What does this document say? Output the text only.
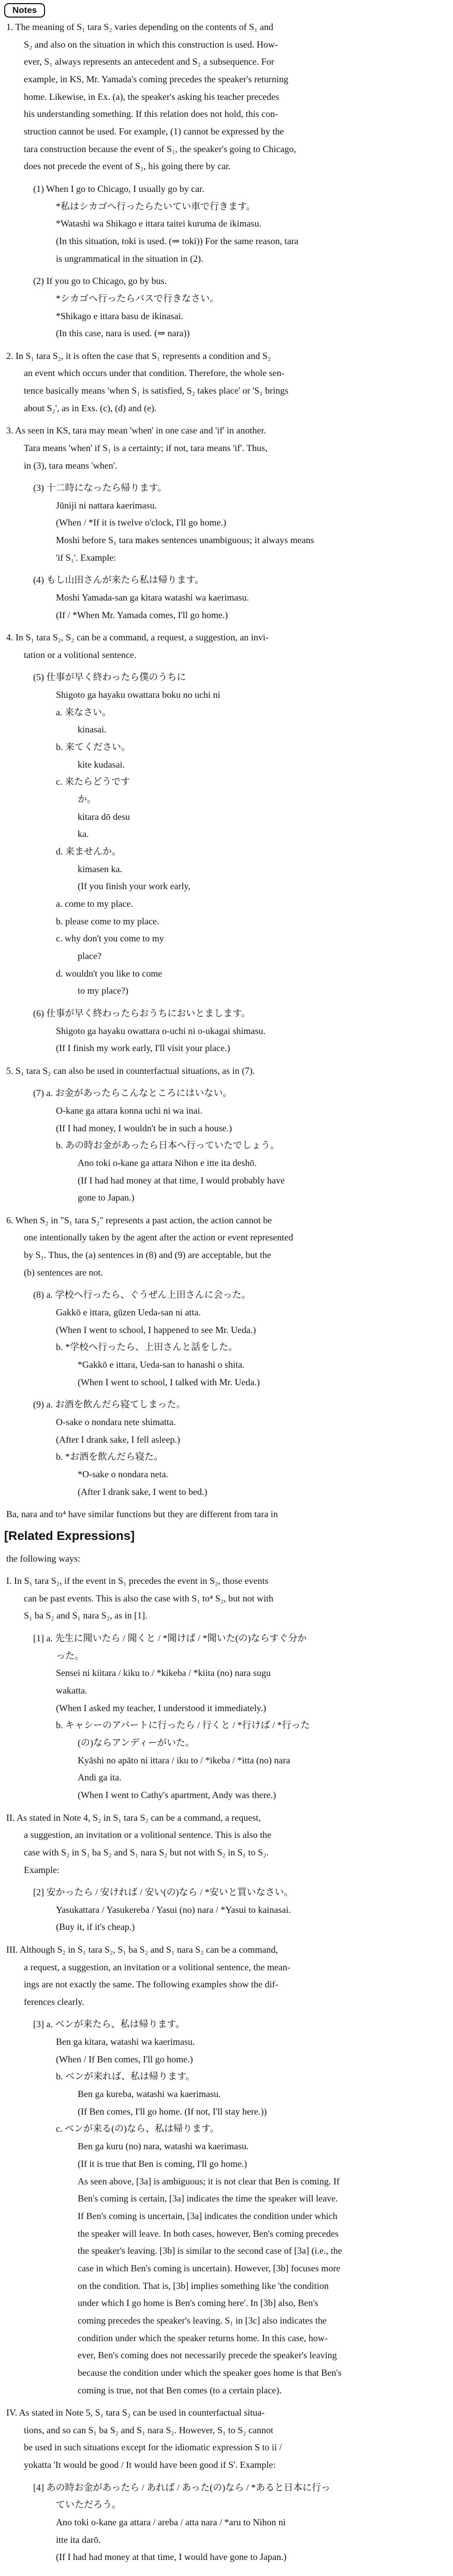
Notes
1. The meaning of S₁ tara S₂ varies depending on the contents of S₁ and
S₂ and also on the situation in which this construction is used. How-
ever, S₁ always represents an antecedent and S₂ a subsequence. For
example, in KS, Mr. Yamada's coming precedes the speaker's returning
home. Likewise, in Ex. (a), the speaker's asking his teacher precedes
his understanding something. If this relation does not hold, this con-
struction cannot be used. For example, (1) cannot be expressed by the
tara construction because the event of S₁, the speaker's going to Chicago,
does not precede the event of S₂, his going there by car.
(1) When I go to Chicago, I usually go by car.
*私はシカゴへ行ったらたいてい車で行きます。
*Watashi wa Shikago e ittara taitei kuruma de ikimasu.
(In this situation, toki is used. (⇒ toki)) For the same reason, tara
is ungrammatical in the situation in (2).
(2) If you go to Chicago, go by bus.
*シカゴへ行ったらバスで行きなさい。
*Shikago e ittara basu de ikinasai.
(In this case, nara is used. (⇒ nara))
2. In S₁ tara S₂, it is often the case that S₁ represents a condition and S₂
an event which occurs under that condition. Therefore, the whole sen-
tence basically means 'when S₁ is satisfied, S₂ takes place' or 'S₁ brings
about S₂', as in Exs. (c), (d) and (e).
3. As seen in KS, tara may mean 'when' in one case and 'if' in another.
Tara means 'when' if S₁ is a certainty; if not, tara means 'if'. Thus,
in (3), tara means 'when'.
(3) 十二時になったら帰ります。
Jūniji ni nattara kaerimasu.
(When / *If it is twelve o'clock, I'll go home.)
Moshi before S₁ tara makes sentences unambiguous; it always means
'if S₁'. Example:
(4) もし山田さんが来たら私は帰ります。
Moshi Yamada-san ga kitara watashi wa kaerimasu.
(If / *When Mr. Yamada comes, I'll go home.)
4. In S₁ tara S₂, S₂ can be a command, a request, a suggestion, an invi-
tation or a volitional sentence.
(5) 仕事が早く終わったら僕のうちに
Shigoto ga hayaku owattara boku no uchi ni
a. 来なさい。
kinasai.
b. 来てください。
kite kudasai.
c. 来たらどうです
か。
kitara dō desu
ka.
d. 来ませんか。
kimasen ka.
(If you finish your work early,
a. come to my place.
b. please come to my place.
c. why don't you come to my
place?
d. wouldn't you like to come
to my place?)
(6) 仕事が早く終わったらおうちにおいとまします。
Shigoto ga hayaku owattara o-uchi ni o-ukagai shimasu.
(If I finish my work early, I'll visit your place.)
5. S₁ tara S₂ can also be used in counterfactual situations, as in (7).
(7) a. お金があったらこんなところにはいない。
O-kane ga attara konna uchi ni wa inai.
(If I had money, I wouldn't be in such a house.)
b. あの時お金があったら日本へ行っていたでしょう。
Ano toki o-kane ga attara Nihon e itte ita deshō.
(If I had had money at that time, I would probably have
gone to Japan.)
6. When S₂ in "S₁ tara S₂" represents a past action, the action cannot be
one intentionally taken by the agent after the action or event represented
by S₁. Thus, the (a) sentences in (8) and (9) are acceptable, but the
(b) sentences are not.
(8) a. 学校へ行ったら、ぐうぜん上田さんに会った。
Gakkō e ittara, gūzen Ueda-san ni atta.
(When I went to school, I happened to see Mr. Ueda.)
b. *学校へ行ったら、上田さんと話をした。
*Gakkō e ittara, Ueda-san to hanashi o shita.
(When I went to school, I talked with Mr. Ueda.)
(9) a. お酒を飲んだら寝てしまった。
O-sake o nondara nete shimatta.
(After I drank sake, I fell asleep.)
b. *お酒を飲んだら寝た。
*O-sake o nondara neta.
(After I drank sake, I went to bed.)
Ba, nara and to⁴ have similar functions but they are different from tara in
the following ways:
I. In S₁ tara S₂, if the event in S₁ precedes the event in S₂, those events
can be past events. This is also the case with S₁ to⁴ S₂, but not with
S₁ ba S₂ and S₁ nara S₂, as in [1].
[1] a. 先生に聞いたら / 聞くと / *聞けば / *聞いた(の)ならすぐ分か
った。
Sensei ni kiitara / kiku to / *kikeba / *kiita (no) nara sugu
wakatta.
(When I asked my teacher, I understood it immediately.)
b. キャシーのアパートに行ったら / 行くと / *行けば / *行った
(の)ならアンディーがいた。
Kyāshi no apāto ni ittara / iku to / *ikeba / *itta (no) nara
Andi ga ita.
(When I went to Cathy's apartment, Andy was there.)
II. As stated in Note 4, S₂ in S₁ tara S₂ can be a command, a request,
a suggestion, an invitation or a volitional sentence. This is also the
case with S₂ in S₁ ba S₂ and S₁ nara S₂ but not with S₂ in S₁ to S₂.
Example:
[2] 安かったら / 安ければ / 安い(の)なら / *安いと買いなさい。
Yasukattara / Yasukereba / Yasui (no) nara / *Yasui to kainasai.
(Buy it, if it's cheap.)
III. Although S₂ in S₁ tara S₂, S₁ ba S₂ and S₁ nara S₂ can be a command,
a request, a suggestion, an invitation or a volitional sentence, the mean-
ings are not exactly the same. The following examples show the dif-
ferences clearly.
[3] a. ベンが来たら、私は帰ります。
Ben ga kitara, watashi wa kaerimasu.
(When / If Ben comes, I'll go home.)
b. ベンが来れば、私は帰ります。
Ben ga kureba, watashi wa kaerimasu.
(If Ben comes, I'll go home. (If not, I'll stay here.))
c. ベンが来る(の)なら、私は帰ります。
Ben ga kuru (no) nara, watashi wa kaerimasu.
(If it is true that Ben is coming, I'll go home.)
As seen above, [3a] is ambiguous; it is not clear that Ben is coming. If
Ben's coming is certain, [3a] indicates the time the speaker will leave.
If Ben's coming is uncertain, [3a] indicates the condition under which
the speaker will leave. In both cases, however, Ben's coming precedes
the speaker's leaving. [3b] is similar to the second case of [3a] (i.e., the
case in which Ben's coming is uncertain). However, [3b] focuses more
on the condition. That is, [3b] implies something like 'the condition
under which I go home is Ben's coming here'. In [3b] also, Ben's
coming precedes the speaker's leaving. S₁ in [3c] also indicates the
condition under which the speaker returns home. In this case, how-
ever, Ben's coming does not necessarily precede the speaker's leaving
because the condition under which the speaker goes home is that Ben's
coming is true, not that Ben comes (to a certain place).
IV. As stated in Note 5, S₁ tara S₂ can be used in counterfactual situa-
tions, and so can S₁ ba S₂ and S₁ nara S₂. However, S₁ to S₂ cannot
be used in such situations except for the idiomatic expression S to ii /
yokatta 'It would be good / It would have been good if S'. Example:
[4] あの時お金があったら / あれば / あった(の)なら / *あると日本に行っ
ていただろう。
Ano toki o-kane ga attara / areba / atta nara / *aru to Nihon ni
itte ita darō.
(If I had had money at that time, I would have gone to Japan.)
[Related Expressions]
